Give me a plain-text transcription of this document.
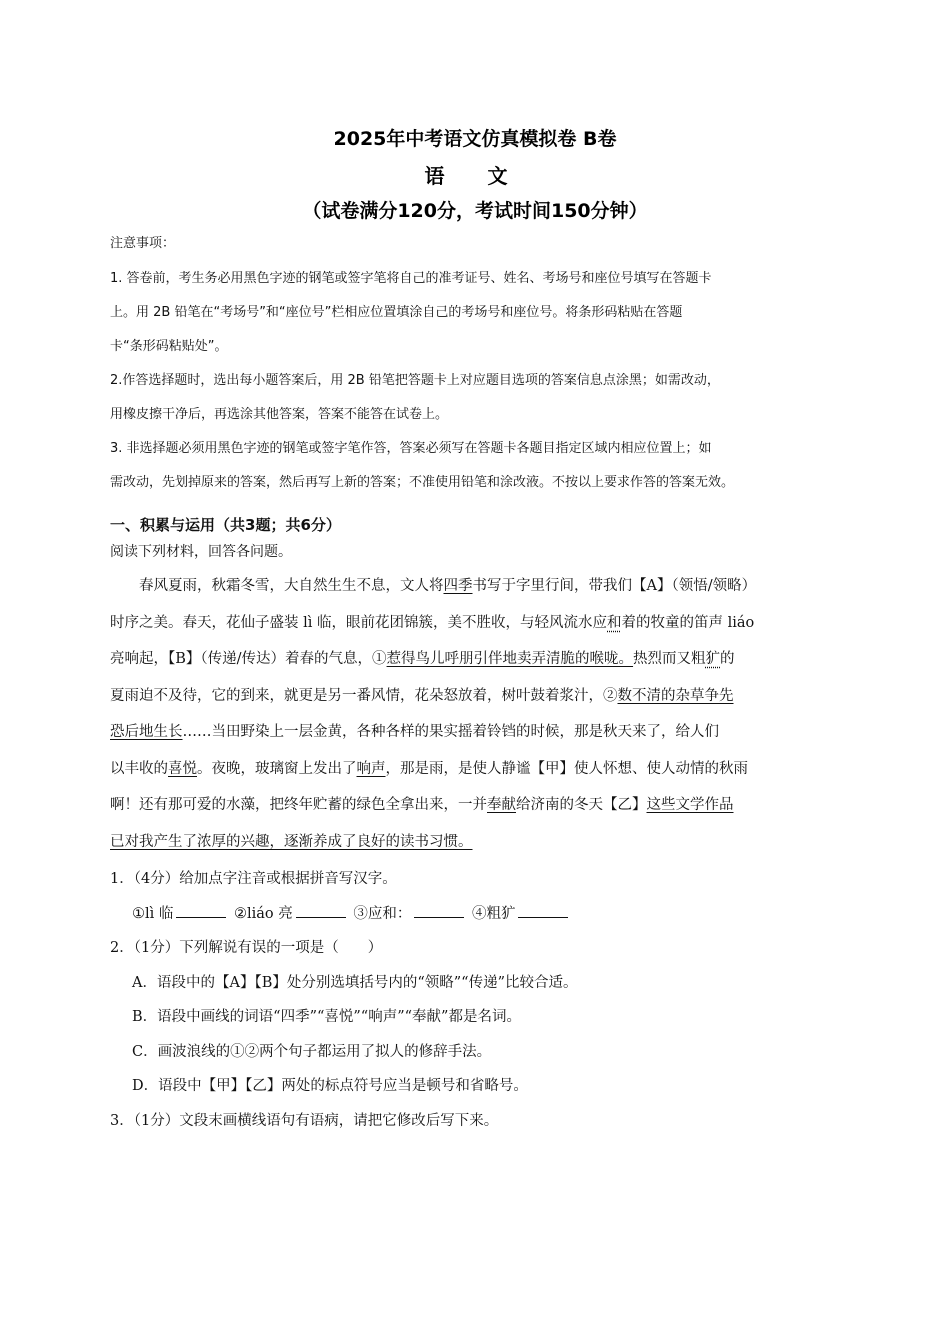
2025年中考语文仿真模拟卷 B卷
语 文
（试卷满分120分，考试时间150分钟）
注意事项：
1. 答卷前，考生务必用黑色字迹的钢笔或签字笔将自己的准考证号、姓名、考场号和座位号填写在答题卡
上。用 2B 铅笔在“考场号”和“座位号”栏相应位置填涂自己的考场号和座位号。将条形码粘贴在答题
卡“条形码粘贴处”。
2.作答选择题时，选出每小题答案后，用 2B 铅笔把答题卡上对应题目选项的答案信息点涂黑；如需改动，
用橡皮擦干净后，再选涂其他答案，答案不能答在试卷上。
3. 非选择题必须用黑色字迹的钢笔或签字笔作答，答案必须写在答题卡各题目指定区域内相应位置上；如
需改动，先划掉原来的答案，然后再写上新的答案；不准使用铅笔和涂改液。不按以上要求作答的答案无效。
一、积累与运用（共3题；共6分）
阅读下列材料，回答各问题。
春风夏雨，秋霜冬雪，大自然生生不息，文人将四季书写于字里行间，带我们【A】（领悟/领略）
时序之美。春天，花仙子盛装 lì 临，眼前花团锦簇，美不胜收，与轻风流水应和着的牧童的笛声 liáo
亮响起，【B】（传递/传达）着春的气息，①惹得鸟儿呼朋引伴地卖弄清脆的喉咙。热烈而又粗犷的
夏雨迫不及待，它的到来，就更是另一番风情，花朵怒放着，树叶鼓着浆汁，②数不清的杂草争先
恐后地生长……当田野染上一层金黄，各种各样的果实摇着铃铛的时候，那是秋天来了，给人们
以丰收的喜悦。夜晚，玻璃窗上发出了响声，那是雨，是使人静谧【甲】使人怀想、使人动情的秋雨
啊！还有那可爱的水藻，把终年贮蓄的绿色全拿出来，一并奉献给济南的冬天【乙】这些文学作品
已对我产生了浓厚的兴趣，逐渐养成了良好的读书习惯。
1．（4分）给加点字注音或根据拼音写汉字。
①lì 临	②liáo 亮	③应和：	④粗犷
2．（1分）下列解说有误的一项是（　　）
A．语段中的【A】【B】处分别选填括号内的“领略”“传递”比较合适。
B．语段中画线的词语“四季”“喜悦”“响声”“奉献”都是名词。
C．画波浪线的①②两个句子都运用了拟人的修辞手法。
D．语段中【甲】【乙】两处的标点符号应当是顿号和省略号。
3．（1分）文段末画横线语句有语病，请把它修改后写下来。
